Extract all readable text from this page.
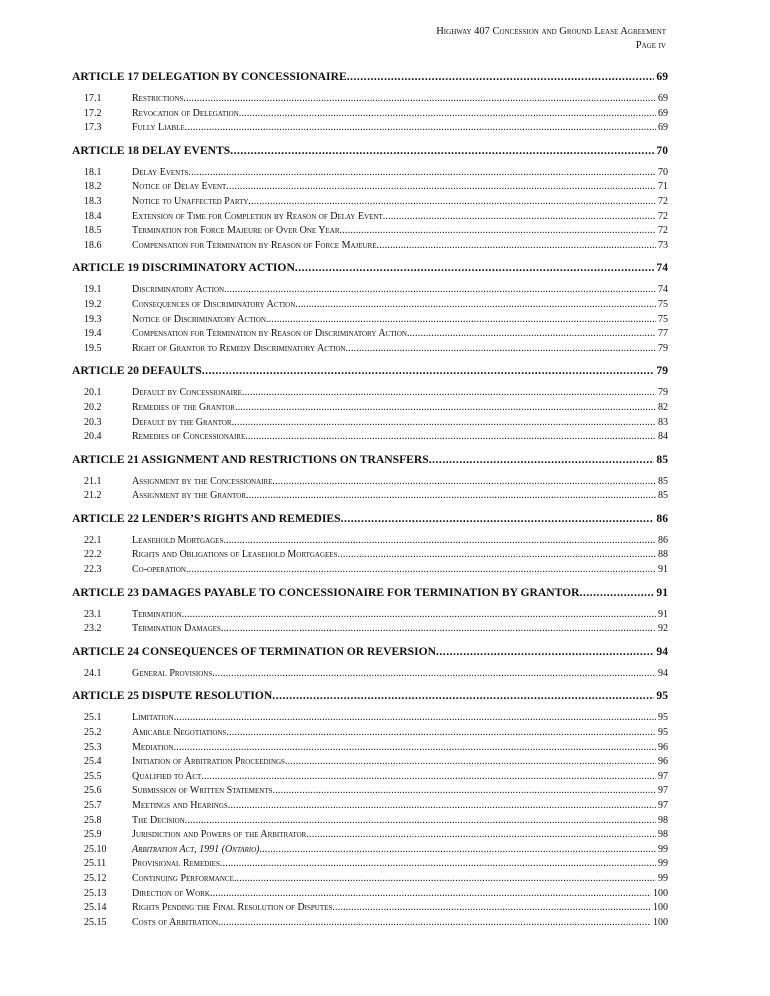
Highway 407 Concession and Ground Lease Agreement
Page iv
ARTICLE 17 DELEGATION BY CONCESSIONAIRE .....	69
17.1	Restrictions .....	69
17.2	Revocation of Delegation .....	69
17.3	Fully Liable .....	69
ARTICLE 18 DELAY EVENTS .....	70
18.1	Delay Events .....	70
18.2	Notice of Delay Event .....	71
18.3	Notice to Unaffected Party .....	72
18.4	Extension of Time for Completion by Reason of Delay Event .....	72
18.5	Termination for Force Majeure of Over One Year .....	72
18.6	Compensation for Termination by Reason of Force Majeure .....	73
ARTICLE 19 DISCRIMINATORY ACTION .....	74
19.1	Discriminatory Action .....	74
19.2	Consequences of Discriminatory Action .....	75
19.3	Notice of Discriminatory Action .....	75
19.4	Compensation for Termination by Reason of Discriminatory Action .....	77
19.5	Right of Grantor to Remedy Discriminatory Action .....	79
ARTICLE 20 DEFAULTS .....	79
20.1	Default by Concessionaire .....	79
20.2	Remedies of the Grantor .....	82
20.3	Default by the Grantor .....	83
20.4	Remedies of Concessionaire .....	84
ARTICLE 21 ASSIGNMENT AND RESTRICTIONS ON TRANSFERS .....	85
21.1	Assignment by the Concessionaire .....	85
21.2	Assignment by the Grantor .....	85
ARTICLE 22 LENDER’S RIGHTS AND REMEDIES .....	86
22.1	Leasehold Mortgages .....	86
22.2	Rights and Obligations of Leasehold Mortgagees .....	88
22.3	Co-operation .....	91
ARTICLE 23 DAMAGES PAYABLE TO CONCESSIONAIRE FOR TERMINATION BY GRANTOR .....	91
23.1	Termination .....	91
23.2	Termination Damages .....	92
ARTICLE 24 CONSEQUENCES OF TERMINATION OR REVERSION .....	94
24.1	General Provisions .....	94
ARTICLE 25 DISPUTE RESOLUTION .....	95
25.1	Limitation .....	95
25.2	Amicable Negotiations .....	95
25.3	Mediation .....	96
25.4	Initiation of Arbitration Proceedings .....	96
25.5	Qualified to Act .....	97
25.6	Submission of Written Statements .....	97
25.7	Meetings and Hearings .....	97
25.8	The Decision .....	98
25.9	Jurisdiction and Powers of the Arbitrator .....	98
25.10	Arbitration Act, 1991 (Ontario) .....	99
25.11	Provisional Remedies .....	99
25.12	Continuing Performance .....	99
25.13	Direction of Work .....	100
25.14	Rights Pending the Final Resolution of Disputes .....	100
25.15	Costs of Arbitration .....	100
